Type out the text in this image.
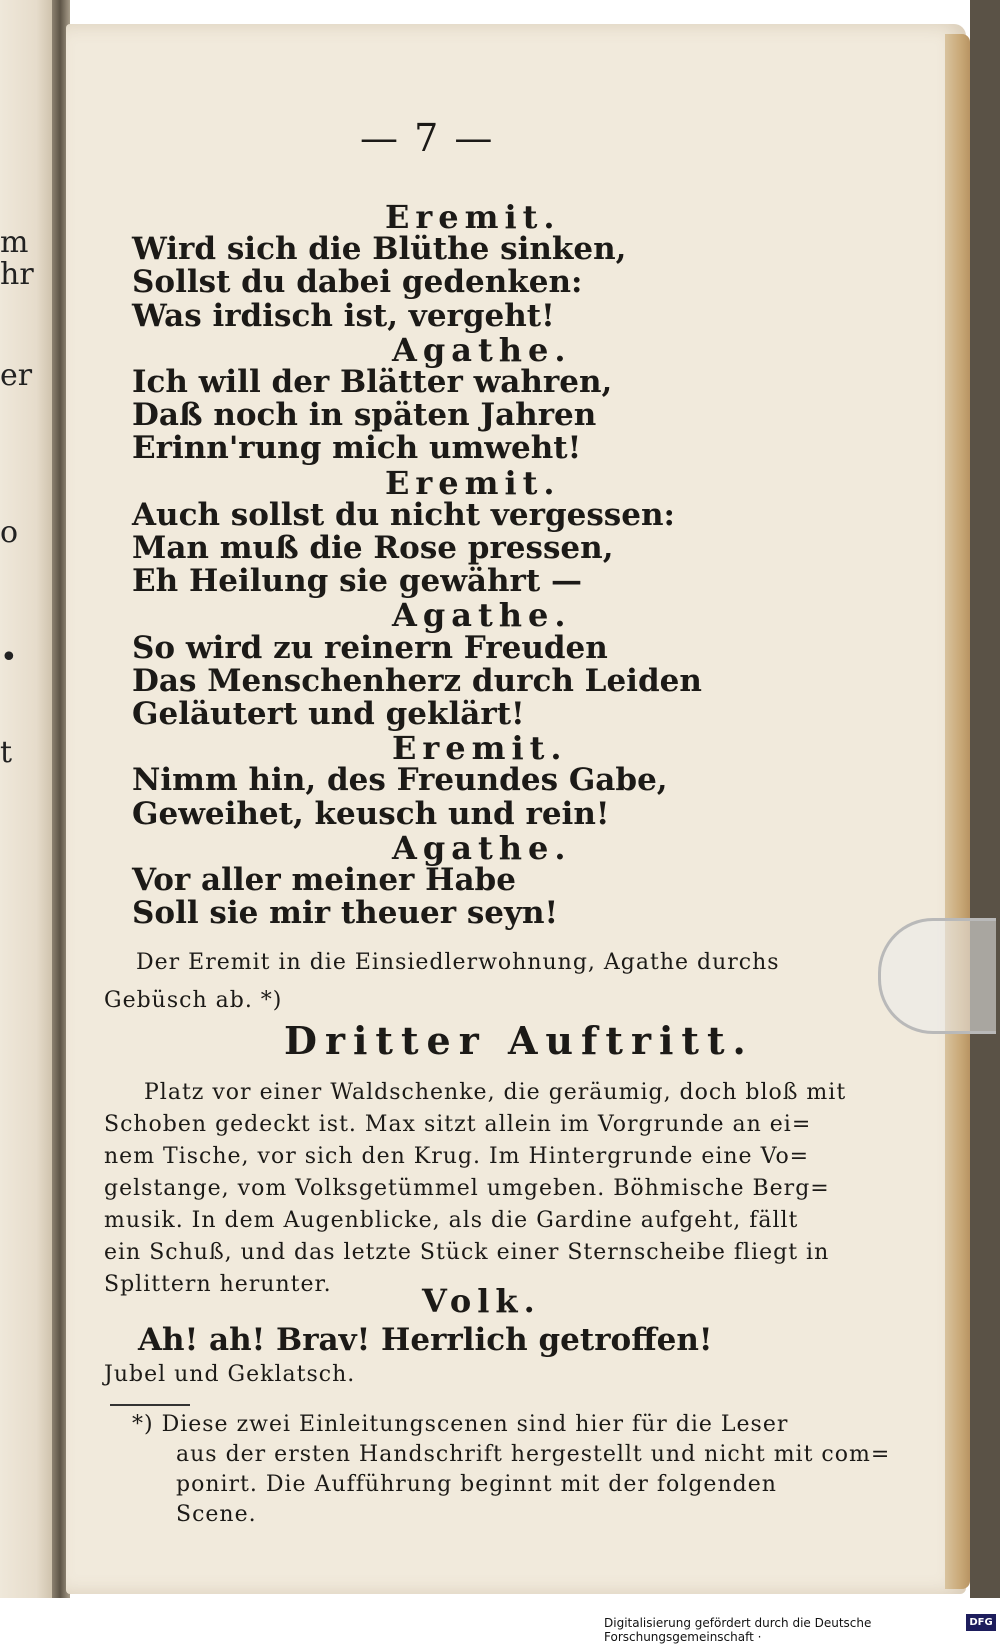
m
hr
er
o
•
t
— 7 —
Eremit.
Wird sich die Blüthe sinken,
Sollst du dabei gedenken:
Was irdisch ist, vergeht!
Agathe.
Ich will der Blätter wahren,
Daß noch in späten Jahren
Erinn'rung mich umweht!
Eremit.
Auch sollst du nicht vergessen:
Man muß die Rose pressen,
Eh Heilung sie gewährt —
Agathe.
So wird zu reinern Freuden
Das Menschenherz durch Leiden
Geläutert und geklärt!
Eremit.
Nimm hin, des Freundes Gabe,
Geweihet, keusch und rein!
Agathe.
Vor aller meiner Habe
Soll sie mir theuer seyn!
Der Eremit in die Einsiedlerwohnung, Agathe durchs
Gebüsch ab. *)
Dritter Auftritt.
Platz vor einer Waldschenke, die geräumig, doch bloß mit
Schoben gedeckt ist. Max sitzt allein im Vorgrunde an ei=
nem Tische, vor sich den Krug. Im Hintergrunde eine Vo=
gelstange, vom Volksgetümmel umgeben. Böhmische Berg=
musik. In dem Augenblicke, als die Gardine aufgeht, fällt
ein Schuß, und das letzte Stück einer Sternscheibe fliegt in
Splittern herunter.	Volk.
Ah! ah! Brav! Herrlich getroffen!
Jubel und Geklatsch.
*) Diese zwei Einleitungscenen sind hier für die Leser
aus der ersten Handschrift hergestellt und nicht mit com=
ponirt. Die Aufführung beginnt mit der folgenden
Scene.
Digitalisierung gefördert durch die Deutsche Forschungsgemeinschaft ·
DFG
